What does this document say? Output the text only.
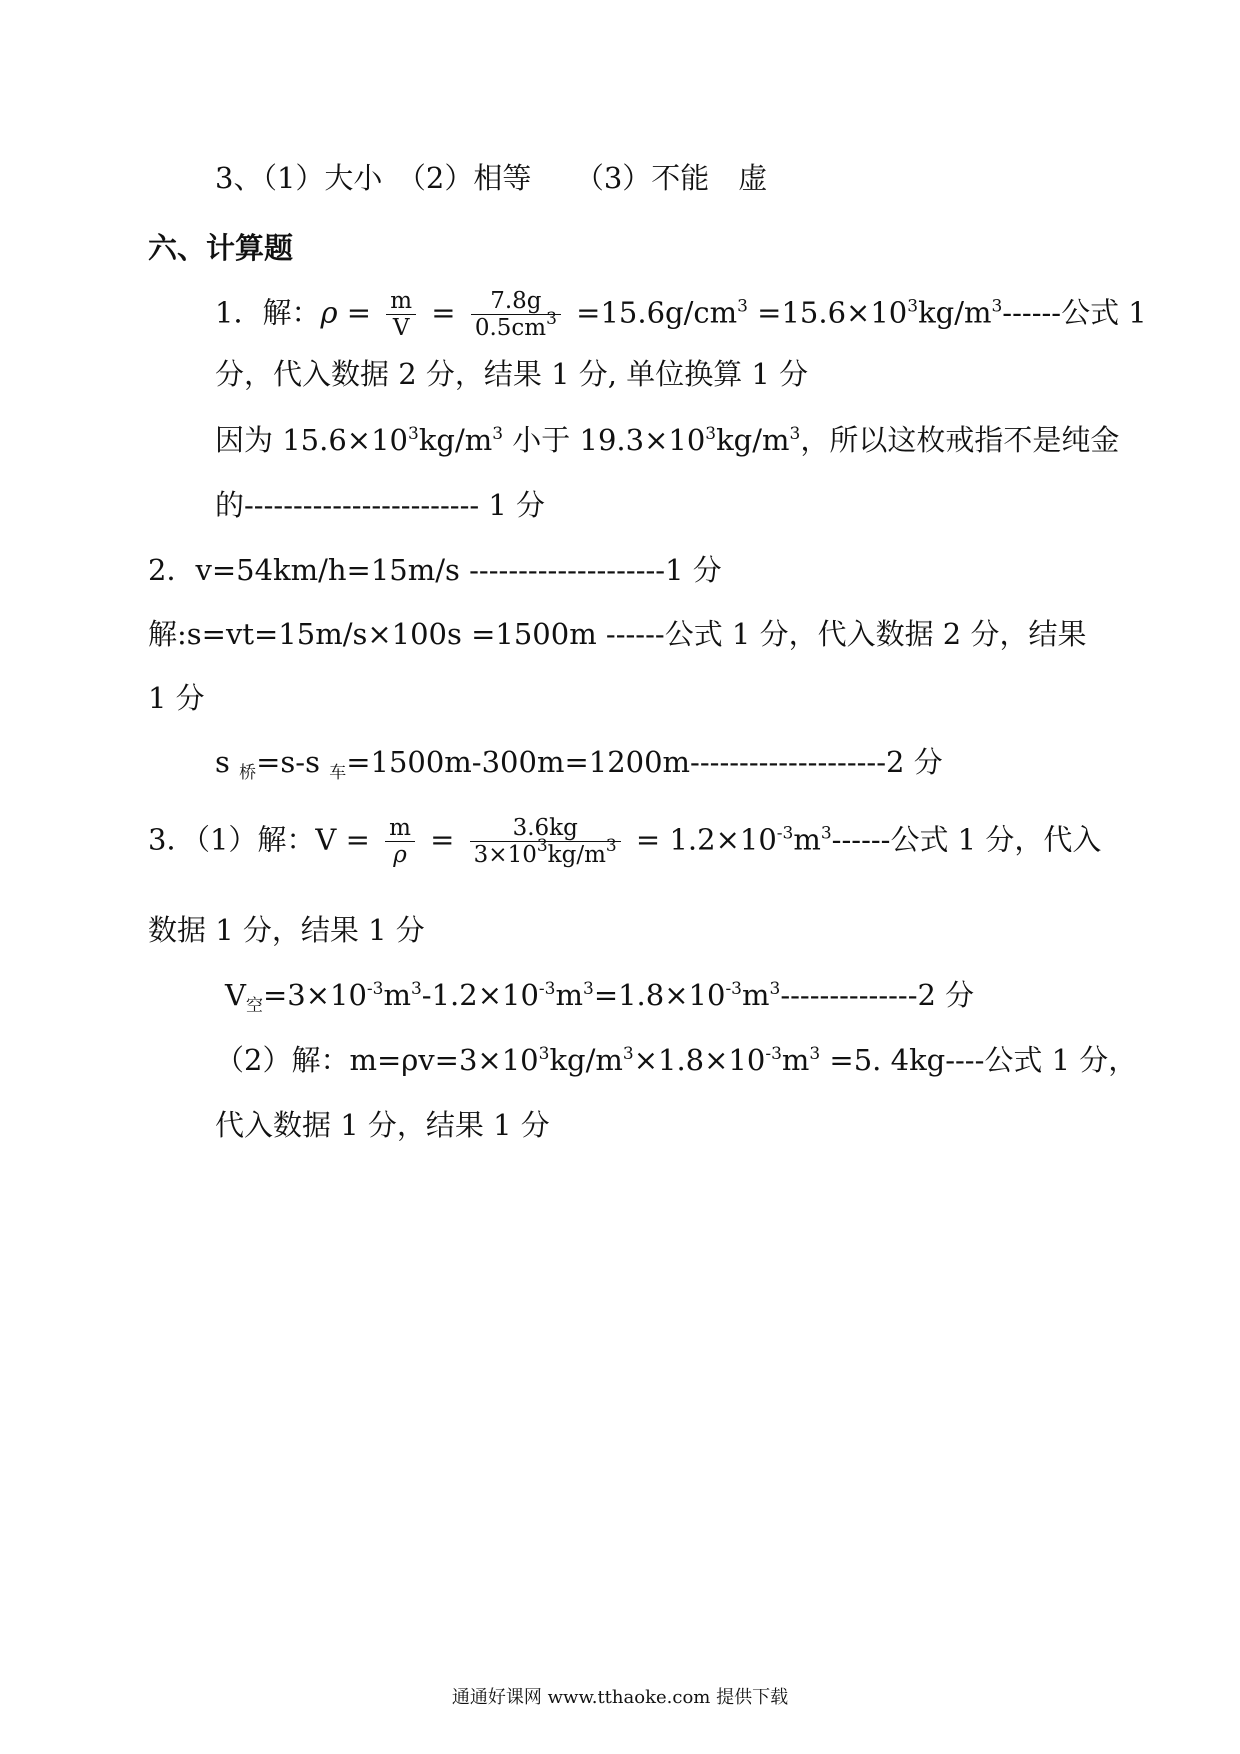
3、（1）大小　（2）相等　　（3）不能　虚
六、计算题
1．解：$\rho = \frac{m}{V} = \frac{7.8g}{0.5cm^3} =15.6g/cm^3 =15.6\times 10^3kg/m^3------$公式 1
分，代入数据 2 分，结果 1 分, 单位换算 1 分
因为 $15.6\times 10^3kg/m^3$ 小于 $19.3\times 10^3kg/m^3$，所以这枚戒指不是纯金
的------------------------ 1 分
2．v=54km/h=15m/s --------------------1 分
解:s=vt=15m/s×100s =1500m ------公式 1 分，代入数据 2 分，结果
1 分
s $_桥$=s-s $_车$=1500m-300m=1200m--------------------2 分
3．（1）解：$V = \frac{m}{\rho} = \frac{3.6kg}{3\times 10^3kg/m^3} = 1.2\times 10^{-3}m^3------$公式 1 分，代入
数据 1 分，结果 1 分
$V_空=3\times 10^{-3}m^3-1.2\times 10^{-3}m^3=1.8\times 10^{-3}m^3--------------2$ 分
（2）解：$m=\rho v=3\times 10^3kg/m^3\times 1.8\times 10^{-3}m^3 =5$. 4kg----公式 1 分，
代入数据 1 分，结果 1 分
通通好课网 www.tthaoke.com 提供下载
